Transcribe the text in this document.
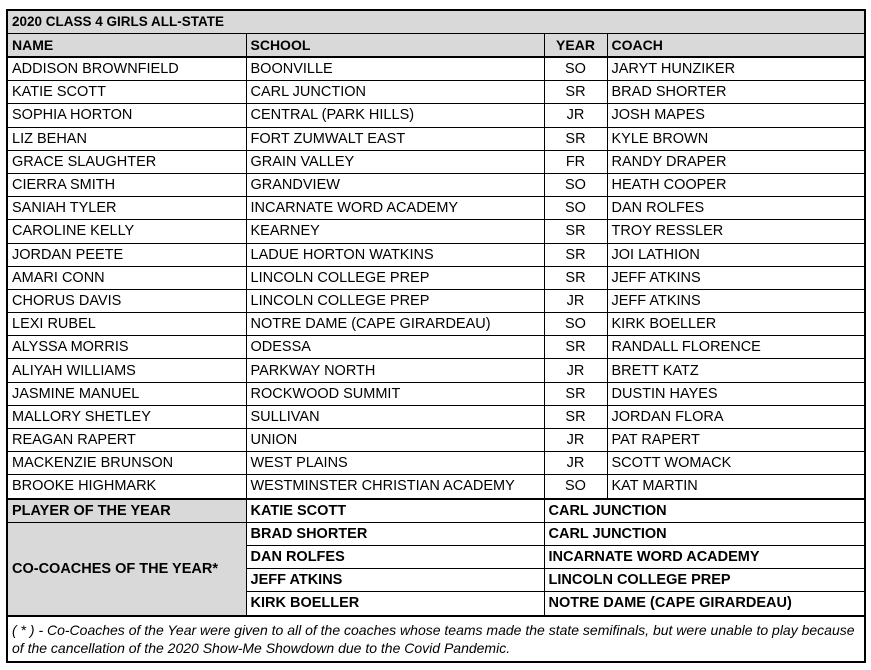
2020 CLASS 4 GIRLS ALL-STATE			
NAME	SCHOOL	YEAR	COACH
ADDISON BROWNFIELD	BOONVILLE	SO	JARYT HUNZIKER
KATIE SCOTT	CARL JUNCTION	SR	BRAD SHORTER
SOPHIA HORTON	CENTRAL (PARK HILLS)	JR	JOSH MAPES
LIZ BEHAN	FORT ZUMWALT EAST	SR	KYLE BROWN
GRACE SLAUGHTER	GRAIN VALLEY	FR	RANDY DRAPER
CIERRA SMITH	GRANDVIEW	SO	HEATH COOPER
SANIAH TYLER	INCARNATE WORD ACADEMY	SO	DAN ROLFES
CAROLINE KELLY	KEARNEY	SR	TROY RESSLER
JORDAN PEETE	LADUE HORTON WATKINS	SR	JOI LATHION
AMARI CONN	LINCOLN COLLEGE PREP	SR	JEFF ATKINS
CHORUS DAVIS	LINCOLN COLLEGE PREP	JR	JEFF ATKINS
LEXI RUBEL	NOTRE DAME (CAPE GIRARDEAU)	SO	KIRK BOELLER
ALYSSA MORRIS	ODESSA	SR	RANDALL FLORENCE
ALIYAH WILLIAMS	PARKWAY NORTH	JR	BRETT KATZ
JASMINE MANUEL	ROCKWOOD SUMMIT	SR	DUSTIN HAYES
MALLORY SHETLEY	SULLIVAN	SR	JORDAN FLORA
REAGAN RAPERT	UNION	JR	PAT RAPERT
MACKENZIE BRUNSON	WEST PLAINS	JR	SCOTT WOMACK
BROOKE HIGHMARK	WESTMINSTER CHRISTIAN ACADEMY	SO	KAT MARTIN
PLAYER OF THE YEAR	KATIE SCOTT	CARL JUNCTION	
CO-COACHES OF THE YEAR*	BRAD SHORTER	CARL JUNCTION	
	DAN ROLFES	INCARNATE WORD ACADEMY	
	JEFF ATKINS	LINCOLN COLLEGE PREP	
	KIRK BOELLER	NOTRE DAME (CAPE GIRARDEAU)	
( * ) - Co-Coaches of the Year were given to all of the coaches whose teams made the state semifinals, but were unable to play because of the cancellation of the 2020 Show-Me Showdown due to the Covid Pandemic.			
